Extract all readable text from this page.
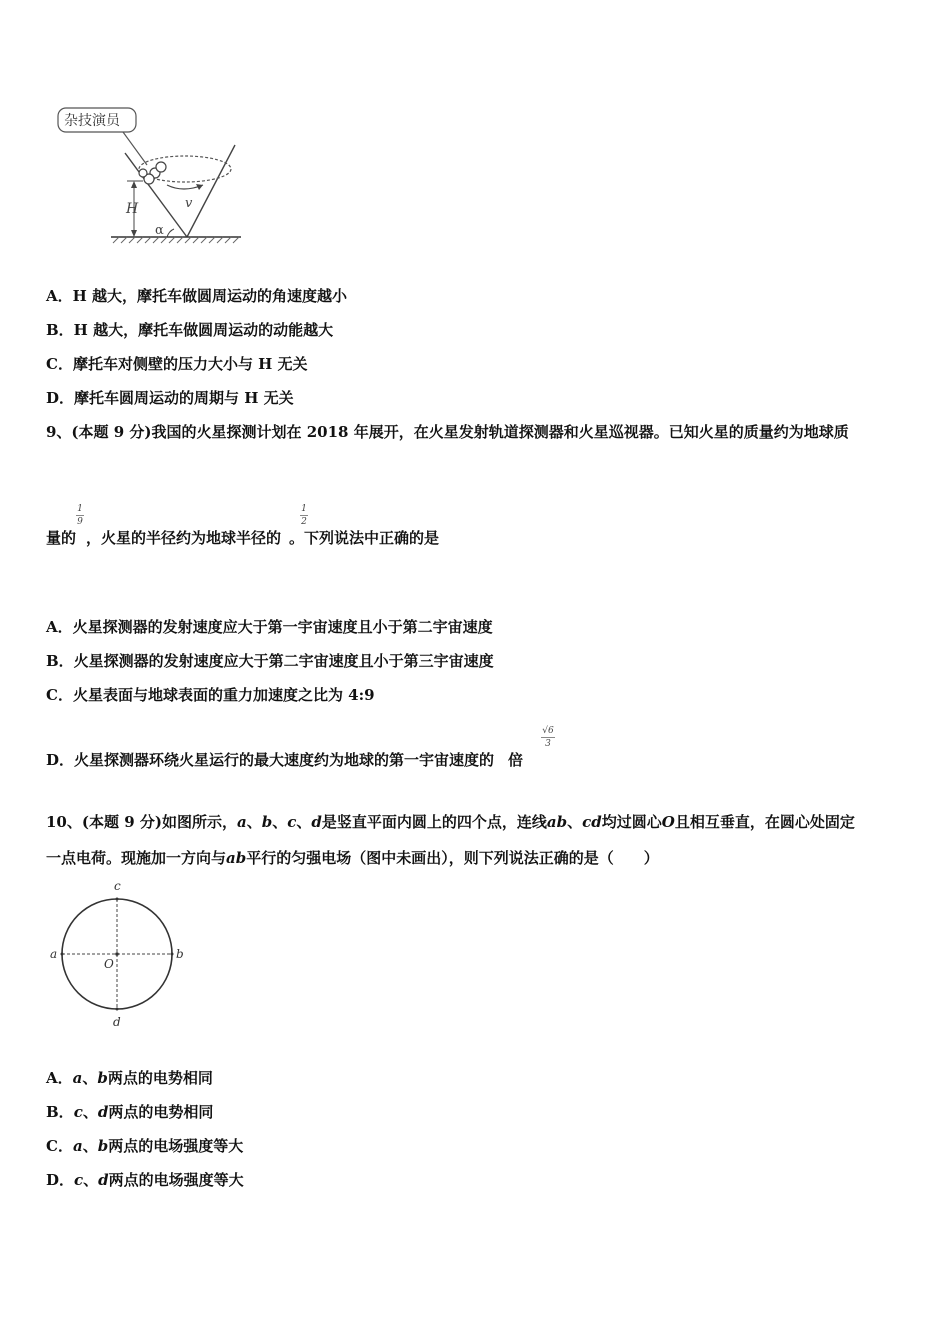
杂技演员
v
H
α
A．H 越大，摩托车做圆周运动的角速度越小
B．H 越大，摩托车做圆周运动的动能越大
C．摩托车对侧壁的压力大小与 H 无关
D．摩托车圆周运动的周期与 H 无关
9、(本题 9 分)我国的火星探测计划在 2018 年展开，在火星发射轨道探测器和火星巡视器。已知火星的质量约为地球质
量的 ，火星的半径约为地球半径的 。下列说法中正确的是
1
9
1
2
A．火星探测器的发射速度应大于第一宇宙速度且小于第二宇宙速度
B．火星探测器的发射速度应大于第二宇宙速度且小于第三宇宙速度
C．火星表面与地球表面的重力加速度之比为 4:9
D．火星探测器环绕火星运行的最大速度约为地球的第一宇宙速度的 倍
√6
3
10、(本题 9 分)如图所示，a、b、c、d是竖直平面内圆上的四个点，连线ab、cd均过圆心O且相互垂直，在圆心处固定
一点电荷。现施加一方向与ab平行的匀强电场（图中未画出），则下列说法正确的是（　　）
a	b
c
d
O
A．a、b两点的电势相同
B．c、d两点的电势相同
C．a、b两点的电场强度等大
D．c、d两点的电场强度等大
